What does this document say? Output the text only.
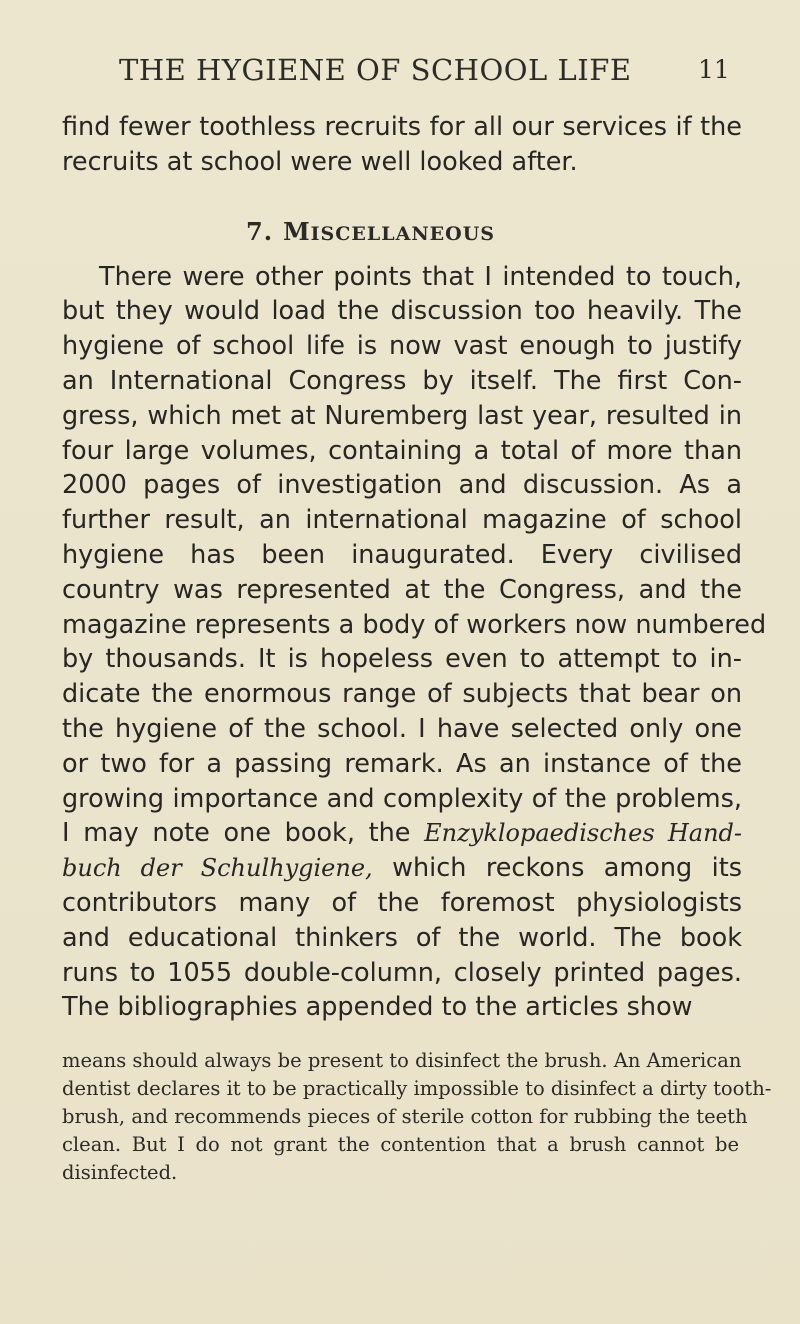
THE HYGIENE OF SCHOOL LIFE	11

find fewer toothless recruits for all our services if the
recruits at school were well looked after.

7. MISCELLANEOUS

There were other points that I intended to touch,
but they would load the discussion too heavily. The
hygiene of school life is now vast enough to justify
an International Congress by itself. The first Con-
gress, which met at Nuremberg last year, resulted in
four large volumes, containing a total of more than
2000 pages of investigation and discussion. As a
further result, an international magazine of school
hygiene has been inaugurated. Every civilised
country was represented at the Congress, and the
magazine represents a body of workers now numbered
by thousands. It is hopeless even to attempt to in-
dicate the enormous range of subjects that bear on
the hygiene of the school. I have selected only one
or two for a passing remark. As an instance of the
growing importance and complexity of the problems,
I may note one book, the Enzyklopaedisches Hand-
buch der Schulhygiene, which reckons among its
contributors many of the foremost physiologists
and educational thinkers of the world. The book
runs to 1055 double-column, closely printed pages.
The bibliographies appended to the articles show

means should always be present to disinfect the brush. An American
dentist declares it to be practically impossible to disinfect a dirty tooth-
brush, and recommends pieces of sterile cotton for rubbing the teeth
clean. But I do not grant the contention that a brush cannot be
disinfected.
